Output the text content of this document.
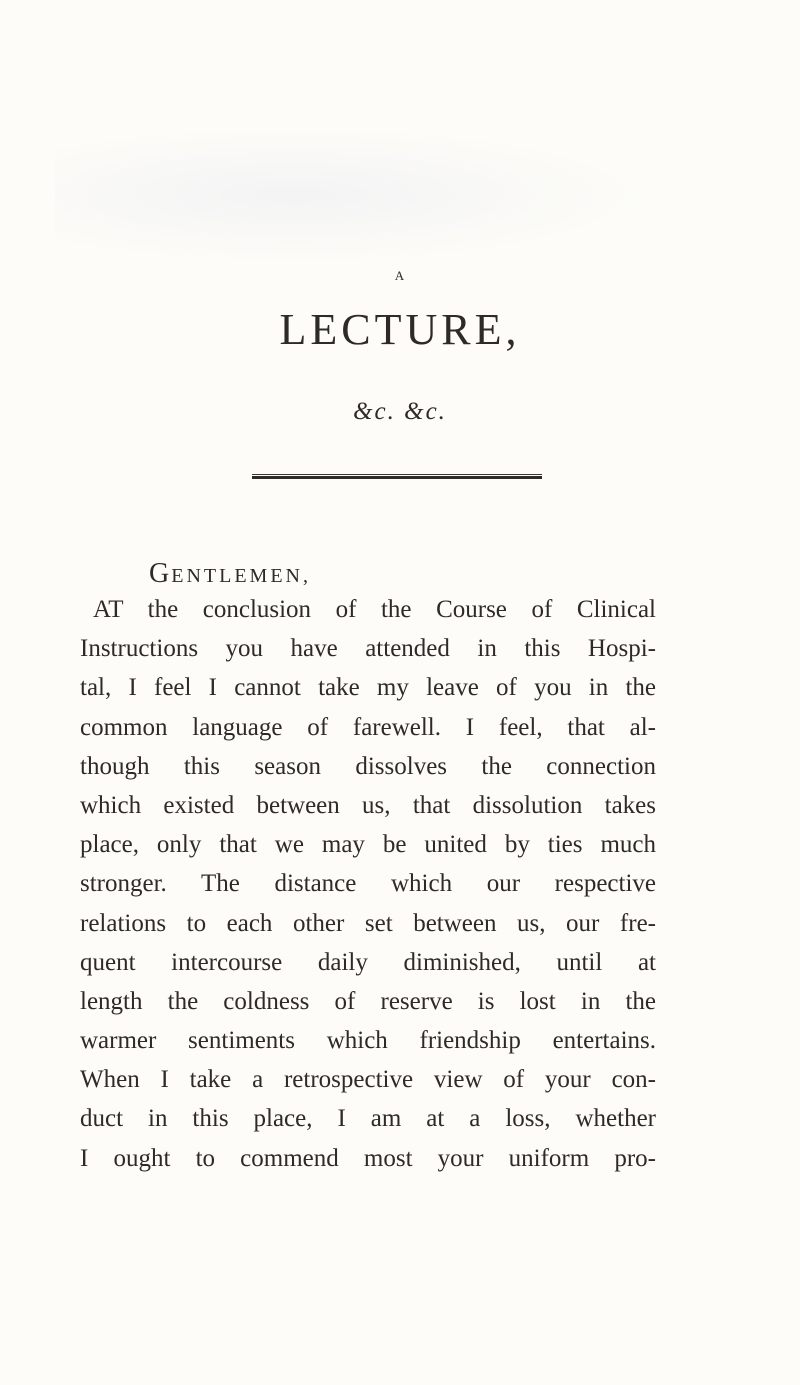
A
LECTURE,
&c. &c.
GENTLEMEN,
AT the conclusion of the Course of Clinical
Instructions you have attended in this Hospi-
tal, I feel I cannot take my leave of you in the
common language of farewell. I feel, that al-
though this season dissolves the connection
which existed between us, that dissolution takes
place, only that we may be united by ties much
stronger. The distance which our respective
relations to each other set between us, our fre-
quent intercourse daily diminished, until at
length the coldness of reserve is lost in the
warmer sentiments which friendship entertains.
When I take a retrospective view of your con-
duct in this place, I am at a loss, whether
I ought to commend most your uniform pro-
